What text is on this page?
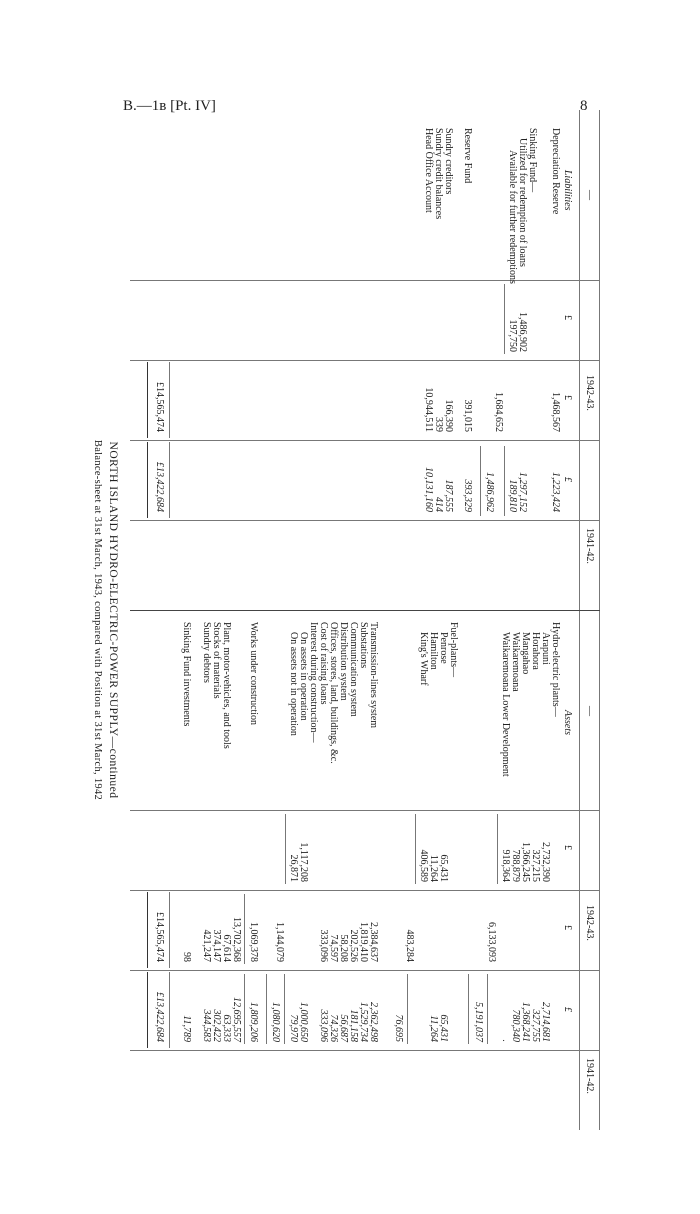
B.—1в [Pt. IV]	8
NORTH ISLAND HYDRO-ELECTRIC-POWER SUPPLY—continued
Balance-sheet at 31st March, 1943, compared with Position at 31st March, 1942
—
1942-43.
1941-42.
—
1942-43.
1941-42.
£
£
£
£
£
£
Liabilities
Depreciation Reserve
1,468,567
1,223,424
Sinking Fund—
Utilized for redemption of loans
1,486,902
1,297,152
Available for further redemptions
197,750
189,810
1,684,652
1,486,962
Reserve Fund
391,015
393,329
Sundry creditors
166,390
187,555
Sundry credit balances
339
414
Head Office Account
10,944,511
10,131,160
£14,565,474
£13,422,684
Assets
Hydro-electric plants—
Arapuni
2,732,390
2,714,681
Horahora
327,215
327,755
Mangahao
1,366,245
1,368,241
Waikaremoana
788,879
780,340
Waikaremoana Lower Development
918,364
.
6,133,093
5,191,037
Fuel-plants—
Penrose
65,431
65,431
Hamilton
11,264
11,264
King's Wharf
406,589
483,284
76,695
Transmission-lines system
2,384,637
2,362,498
Substations
1,819,410
1,529,734
Communication system
202,526
181,158
Distribution system
58,208
56,687
Offices, stores, land, buildings, &c.
74,597
74,326
Cost of raising loans
333,096
333,096
Interest during construction—
On assets in operation
1,117,208
1,000,650
On assets not in operation
26,871
79,970
1,144,079
1,080,620
Works under construction
1,069,378
1,809,206
13,702,368
12,695,557
Plant, motor-vehicles, and tools
67,614
63,333
Stocks of materials
374,147
302,422
Sundry debtors
421,247
344,583
Sinking Fund investments
98
11,789
£14,565,474
£13,422,684
